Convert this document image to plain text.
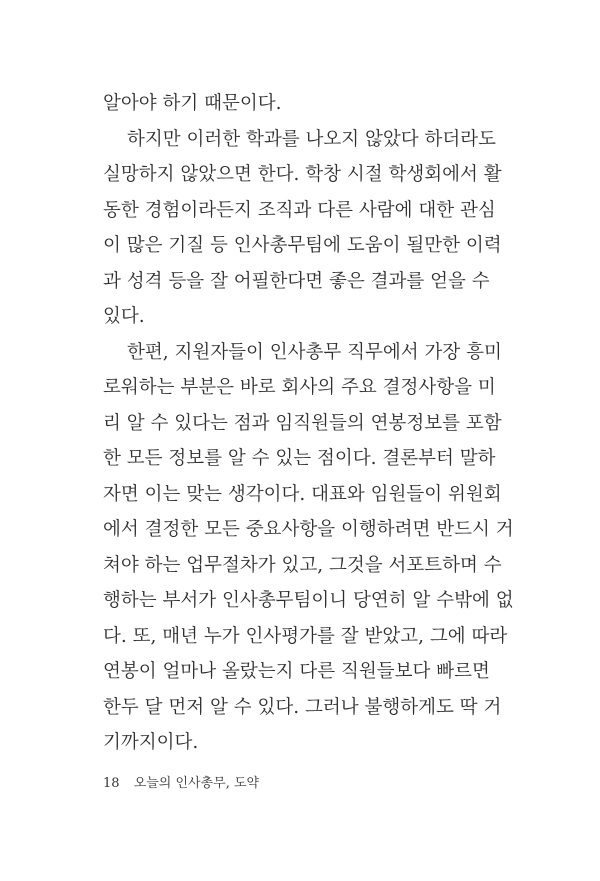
알아야 하기 때문이다.
하지만 이러한 학과를 나오지 않았다 하더라도
실망하지 않았으면 한다. 학창 시절 학생회에서 활
동한 경험이라든지 조직과 다른 사람에 대한 관심
이 많은 기질 등 인사총무팀에 도움이 될만한 이력
과 성격 등을 잘 어필한다면 좋은 결과를 얻을 수
있다.
한편, 지원자들이 인사총무 직무에서 가장 흥미
로워하는 부분은 바로 회사의 주요 결정사항을 미
리 알 수 있다는 점과 임직원들의 연봉정보를 포함
한 모든 정보를 알 수 있는 점이다. 결론부터 말하
자면 이는 맞는 생각이다. 대표와 임원들이 위원회
에서 결정한 모든 중요사항을 이행하려면 반드시 거
쳐야 하는 업무절차가 있고, 그것을 서포트하며 수
행하는 부서가 인사총무팀이니 당연히 알 수밖에 없
다. 또, 매년 누가 인사평가를 잘 받았고, 그에 따라
연봉이 얼마나 올랐는지 다른 직원들보다 빠르면
한두 달 먼저 알 수 있다. 그러나 불행하게도 딱 거
기까지이다.
18 오늘의 인사총무, 도약
